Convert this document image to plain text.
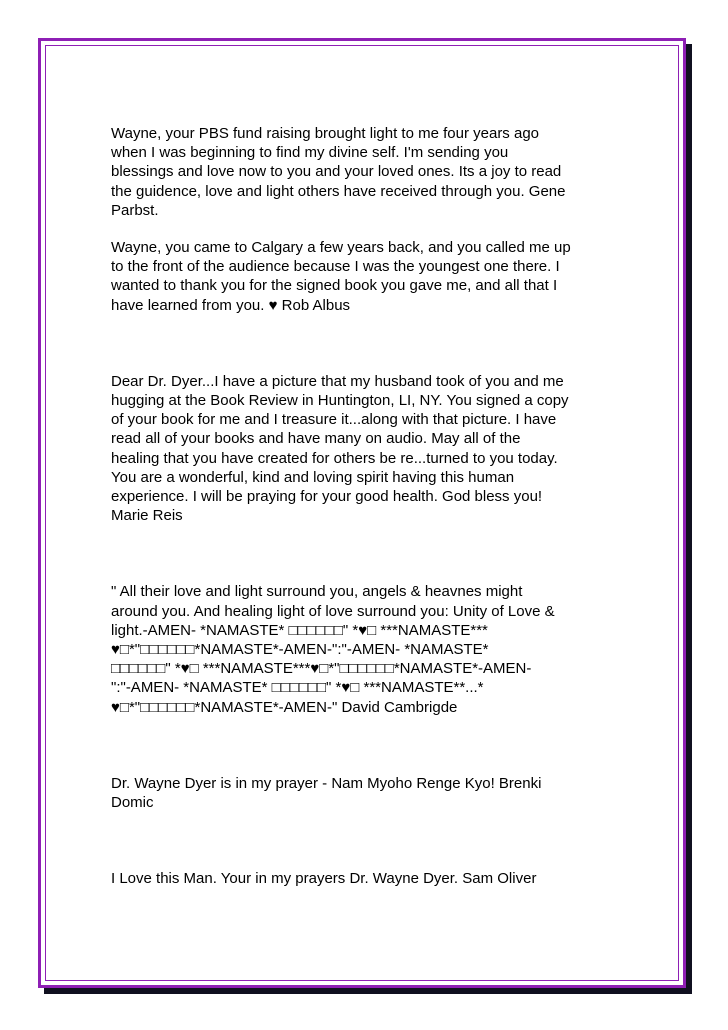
Wayne, your PBS fund raising brought light to me four years ago
when I was beginning to find my divine self. I'm sending you
blessings and love now to you and your loved ones. Its a joy to read
the guidence, love and light others have received through you. Gene
Parbst.

Wayne, you came to Calgary a few years back, and you called me up
to the front of the audience because I was the youngest one there. I
wanted to thank you for the signed book you gave me, and all that I
have learned from you. ♥ Rob Albus

Dear Dr. Dyer...I have a picture that my husband took of you and me
hugging at the Book Review in Huntington, LI, NY. You signed a copy
of your book for me and I treasure it...along with that picture. I have
read all of your books and have many on audio. May all of the
healing that you have created for others be re...turned to you today.
You are a wonderful, kind and loving spirit having this human
experience. I will be praying for your good health. God bless you!
Marie Reis

" All their love and light surround you, angels & heavnes might
around you. And healing light of love surround you: Unity of Love &
light.-AMEN- *NAMASTE* □□□□□□" *♥□ ***NAMASTE***
♥□*"□□□□□□*NAMASTE*-AMEN-":"-AMEN- *NAMASTE*
□□□□□□" *♥□ ***NAMASTE***♥□*"□□□□□□*NAMASTE*-AMEN-
":"-AMEN- *NAMASTE* □□□□□□" *♥□ ***NAMASTE**...*
♥□*"□□□□□□*NAMASTE*-AMEN-" David Cambrigde

Dr. Wayne Dyer is in my prayer - Nam Myoho Renge Kyo! Brenki
Domic

I Love this Man. Your in my prayers Dr. Wayne Dyer. Sam Oliver
